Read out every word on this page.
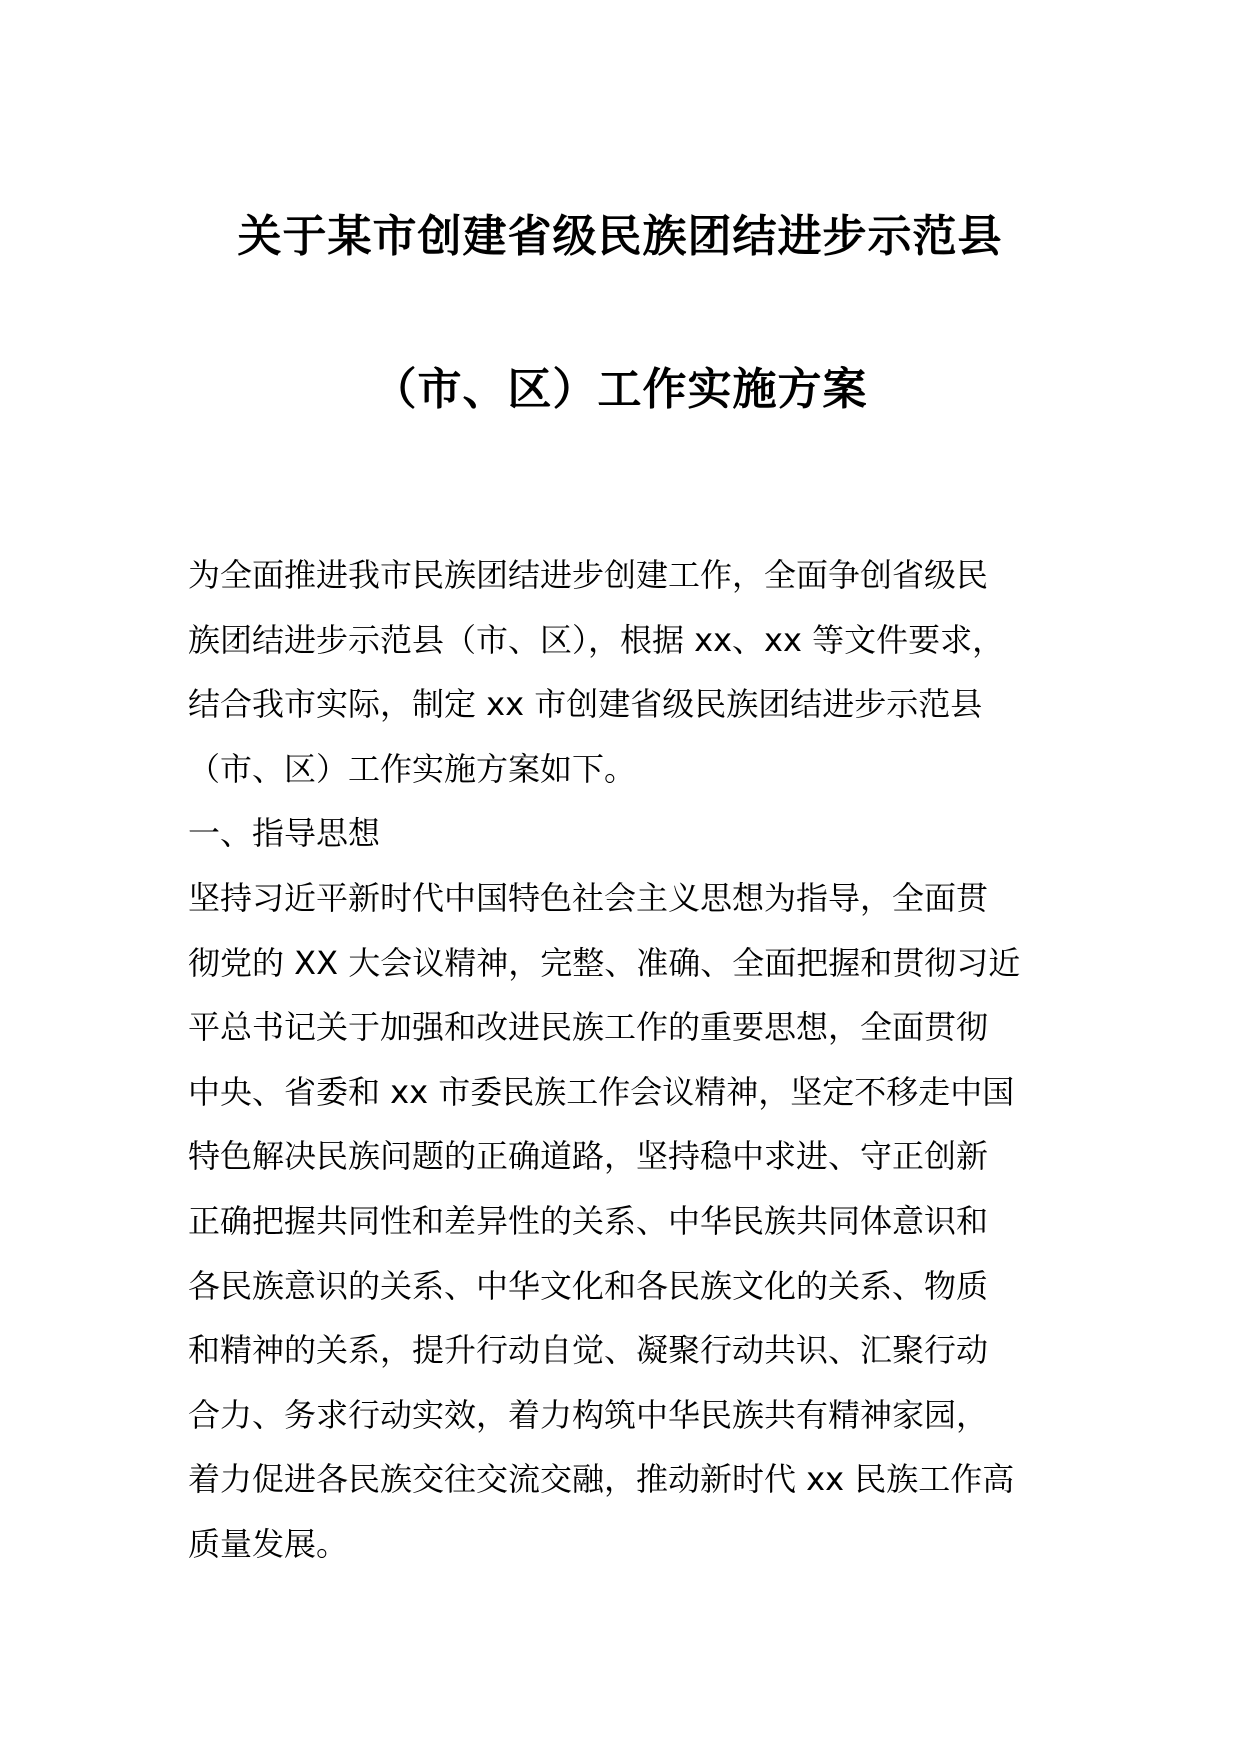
关于某市创建省级民族团结进步示范县
（市、区）工作实施方案
为全面推进我市民族团结进步创建工作，全面争创省级民
族团结进步示范县（市、区），根据 xx、xx 等文件要求，
结合我市实际，制定 xx 市创建省级民族团结进步示范县
（市、区）工作实施方案如下。
一、指导思想
坚持习近平新时代中国特色社会主义思想为指导，全面贯
彻党的 XX 大会议精神，完整、准确、全面把握和贯彻习近
平总书记关于加强和改进民族工作的重要思想，全面贯彻
中央、省委和 xx 市委民族工作会议精神，坚定不移走中国
特色解决民族问题的正确道路，坚持稳中求进、守正创新
正确把握共同性和差异性的关系、中华民族共同体意识和
各民族意识的关系、中华文化和各民族文化的关系、物质
和精神的关系，提升行动自觉、凝聚行动共识、汇聚行动
合力、务求行动实效，着力构筑中华民族共有精神家园，
着力促进各民族交往交流交融，推动新时代 xx 民族工作高
质量发展。
